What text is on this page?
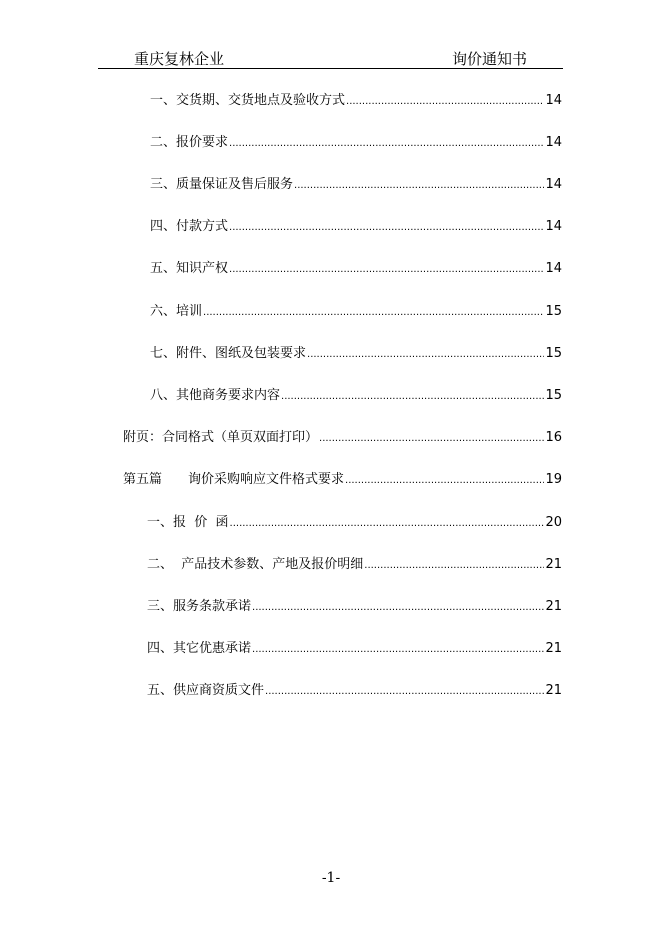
重庆复林企业	询价通知书
一、交货期、交货地点及验收方式 .....	14
二、报价要求 .....	14
三、质量保证及售后服务 .....	14
四、付款方式 .....	14
五、知识产权 .....	14
六、培训 .....	15
七、附件、图纸及包装要求 .....	15
八、其他商务要求内容 .....	15
附页：合同格式（单页双面打印） .....	16
第五篇　　询价采购响应文件格式要求 .....	19
一、报  价  函 .....	20
二、  产品技术参数、产地及报价明细 .....	21
三、服务条款承诺 .....	21
四、其它优惠承诺 .....	21
五、供应商资质文件 .....	21
-1-
